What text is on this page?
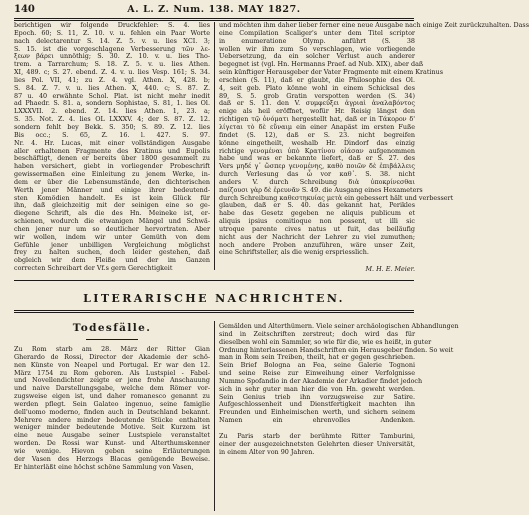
140	A. L. Z. Num. 138. MAY 1827.
berichtigen wir folgende Druckfehler: S. 4. lies
Epoch. 60; S. 11, Z. 10. v. u. fehlen ein Paar Worte
nach delectarentur S. 14. Z. 5. v. u. lies XCI. 3;
S. 15. ist die vorgeschlagene Verbesserung τῶν λε-
ξεων βάρει unnöthig; S. 30. Z. 10. v. u. lies Tho-
trem. a Tarrarchum; S. 18. Z. 5. v. u. lies Athen.
XI, 489. c; S. 27. ebend. Z. 4. v. u. lies Vesp. 161; S. 34.
lies Pol. VII, 41; zu Z. 4. vgl. Athen. X, 428. b;
S. 84. Z. 7. v. u. lies Athen. X, 440. c; S. 87. Z.
87 u. 40 erwähnte Schol. Plat. ist nicht mehr inedit
ad Phaedr. S. 81. a, sondern Sophistae, S. 81, 1. lies Ol.
LXXXVII. 2. ebend. Z. 14. lies Athen. 1, 23. a;
S. 35. Not. Z. 4. lies OL LXXXV. 4; der S. 87. Z. 12.
sondern fehlt bey Bekk. S. 350; S. 89. Z. 12. lies
Bis occ.; S. 65, Z. 16. l. 427. S. 97.
Nr. 4. Hr. Lucas, mit einer vollständigen Ausgabe
aller erhaltenen Fragmente des Kratinus und Eupolis
beschäftigt, denen er bereits über 1800 gesammelt zu
haben versichert, giebt in vorliegender Probeschrift
gewissermaßen eine Einleitung zu jenem Werke, in-
dem er über die Lebensumstände, den dichterischen
Werth jener Männer und einige ihrer bedeutend-
sten Komödien handelt. Es ist kein Glück für
ihn, daß gleichzeitig mit der seinigen eine so ge-
diegene Schrift, als die des Hn. Meineke ist, er-
schienen, wodurch die etwanigen Mängel und Schwä-
chen jener nur um so deutlicher hervortraten. Aber
wir wollen, indem wir unter Gemüth von dem
Gefühle jener unbilligen Vergleichung möglichst
frey zu halten suchen, doch leider gestehen, daß
obgleich wir dem Fleiße und der im Ganzen
correcten Schreibart der Vf.s gern Gerechtigkeit
und möchten ihm daher lieber ferner eine neue Ausgabe nach einige Zeit zurückzuhalten. Dass
eine Compilation Scaliger's unter dem Titel scriptor
in enumeratione Olymp. anführt (S. 38
wollen wir ihm zum So verschlagen, wie vorliegende
Uebersetzung, da ein solcher Verlust auch anderer
begegnet ist (vgl. Hn. Hermanns Praef. ad Nub. XIX), aber daß
sein künftiger Herausgeber der Vater Fragmente mit einem Kratinus
erschien (S. 11), daß er glaubt, die Philosophie des Ol.
4, seit geb. Plato könne wohl in einem Schicksal des
89, S. 5. grob Gratin verspotten werden (S. 34)
daß er S. 11. den V. συμφεύξει ἀγριαὶ ἀναλαβόντος
enige als heil eröffnet, wofür Hr. Reisig längst den
richtigen τῷ ὀνόματι hergestellt hat, daß er in Τάκορον δ'
λίγεται τὸ δὲ εὔναιμ ein einer Anapäst im ersten Fuße
findet (S. 12), daß er S. 23. nicht begreifen
könne eingetheilt, weshalb Hr. Dindorf das einzig
richtige γενομέναι ὑπὸ Κρατίνου οἰάσαν aufgenommen
habe und was er bekannte liefert, daß er S. 27. des
Vers μηδέ γ᾽ ὥσπερ γενομένης, καθὸ ποιῶν δὲ ἐπιβάλλεις
durch Verlesung das ὧ vor καθ᾽. S. 38. nicht
anders V. durch Schreibung διὰ ὑποκρίνεσθαι
παίζουσι γὰρ δὲ ἐρευνᾶν S. 49. die Ausgang eines Hexameters
durch Schreibung καθεστηκυίας μετὰ ein gebessert hält und verbessert
glauben, daß er S. 40. das gekannt hat, Perikles
habe das Gesetz gegeben ne aliquis publicum et
aliquis ipsius comitioque non possent, ut illi sic
utroque parente cives natus ut fuit, das beiläufig
nicht aus der Nachricht der Lehrer zu viel zumuthen;
noch andere Proben anzuführen, wäre unser Zeit,
eine Schriftsteller, als die wenig erspriesslich.
M. H. E. Meier.
LITERARISCHE NACHRICHTEN.
Todesfälle.
Zu Rom starb am 28. März der Ritter Gian
Gherardo de Rossi, Director der Akademie der schö-
nen Künste von Neapel und Portugal. Er war den 12.
März 1754 zu Rom geboren. Als Lustspiel - Fabel-
und Novellendichter zeigte er jene frohe Anschauung
und naive Darstellungsgabe, welche dem Römer vor-
zugsweise eigen ist, und daher romanesco genannt zu
werden pflegt. Sein Galateo ingenuo, seine famiglie
dell'uomo moderno, finden auch in Deutschland bekannt.
Mehrere andere minder bedeutende Stücke enthalten
weniger minder bedeutende Motive. Seit Kurzem ist
eine neue Ausgabe seiner Lustspiele veranstaltet
worden. De Rossi war Kunst- und Alterthumskenner
wie wenige. Hievon geben seine Erläuterungen
der Vasen des Herzogs Blacas genügende Beweise.
Er hinterläßt eine höchst schöne Sammlung von Vasen,
Gemälden und Alterthümern. Viele seiner archäologischen Abhandlungen
sind in Zeitschriften zerstreut; doch wird das für
dieselben wohl ein Sammler, so wie für die, wie es heißt, in guter
Ordnung hinterlassenen Handschriften ein Herausgeber finden. So weit
man in Rom sein Treiben, theilt, hat er gegen geschrieben.
Sein Brief Bologna an Fea, seine Galerie Tognoni
und seine Reise zur Einweihung einer Verfolgnisse
Nummo Spofandio in der Akademie der Arkadier findet jedoch
sich in sehr guter man hier die von Hn. geweht werden.
Sein Genius trieb ihn vorzugsweise zur Satire.
Aufgeschlossenheit und Dienstfertigkeit machten ihn
Freunden und Einheimischen werth, und sichern seinem
Namen ein ehrenvolles Andenken.

Zu Paris starb der berühmte Ritter Tamburini,
einer der ausgezeichnetsten Gelehrten dieser Universität,
in einem Alter von 90 Jahren.
